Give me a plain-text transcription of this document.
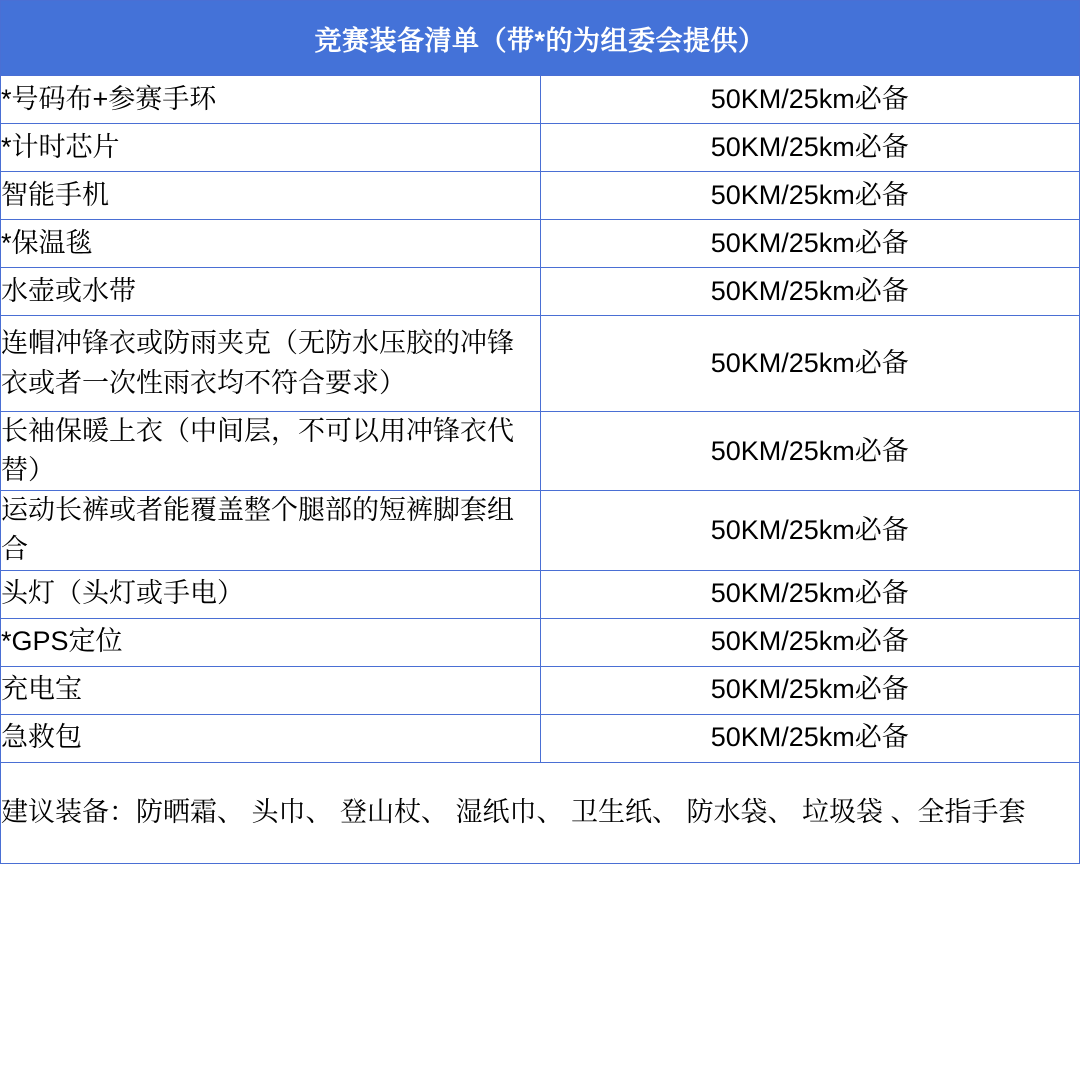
竞赛装备清单（带*的为组委会提供）	
*号码布+参赛手环	50KM/25km必备
*计时芯片	50KM/25km必备
智能手机	50KM/25km必备
*保温毯	50KM/25km必备
水壶或水带	50KM/25km必备
连帽冲锋衣或防雨夹克（无防水压胶的冲锋衣或者一次性雨衣均不符合要求）	50KM/25km必备
长袖保暖上衣（中间层，不可以用冲锋衣代替）	50KM/25km必备
运动长裤或者能覆盖整个腿部的短裤脚套组合	50KM/25km必备
头灯（头灯或手电）	50KM/25km必备
*GPS定位	50KM/25km必备
充电宝	50KM/25km必备
急救包	50KM/25km必备
建议装备：防晒霜、 头巾、 登山杖、 湿纸巾、 卫生纸、 防水袋、 垃圾袋 、全指手套	
